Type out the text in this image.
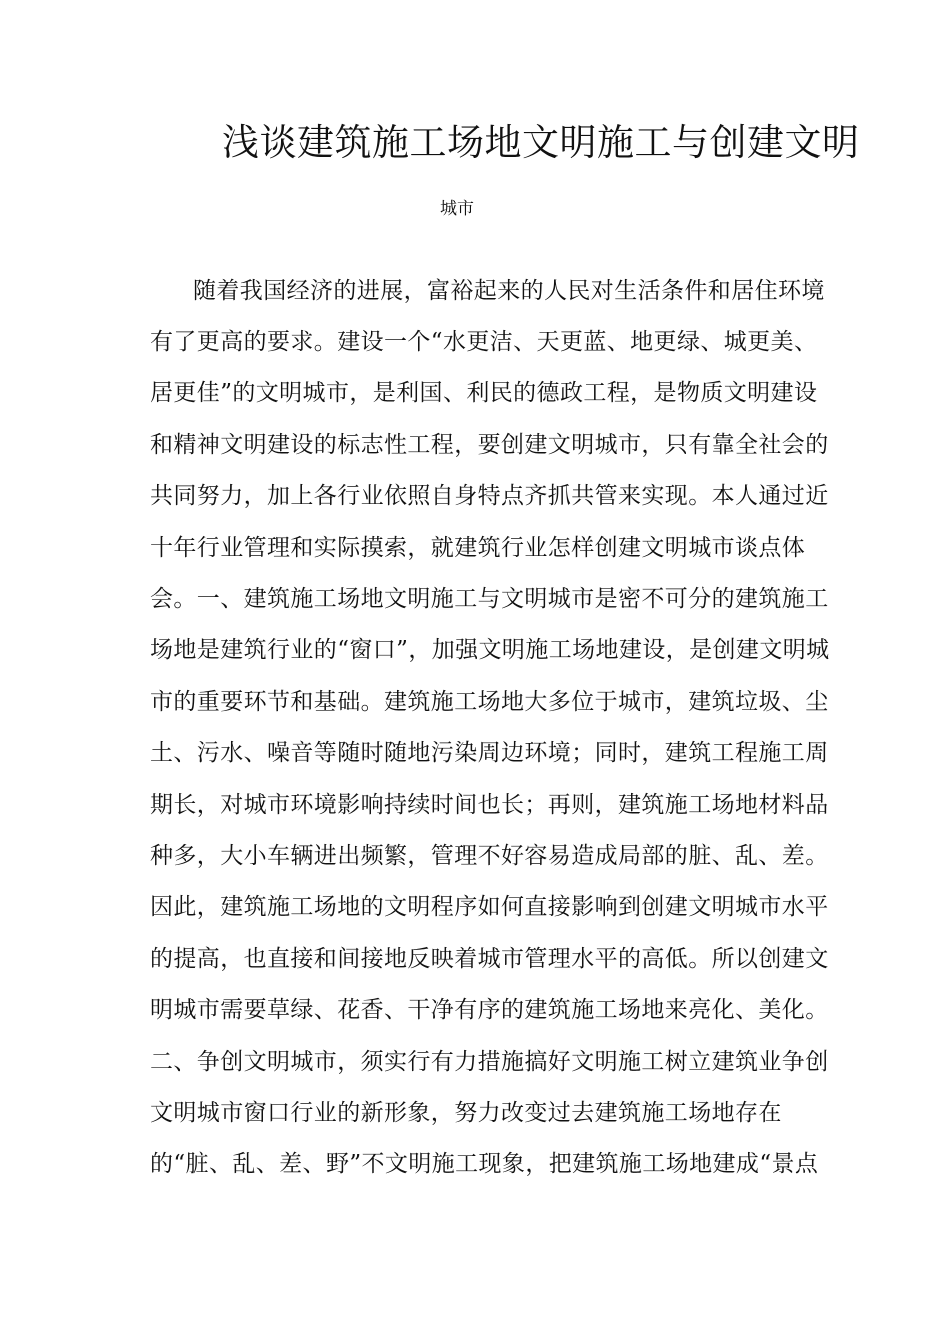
浅谈建筑施工场地文明施工与创建文明
城市

随着我国经济的进展，富裕起来的人民对生活条件和居住环境

有了更高的要求。建设一个“水更洁、天更蓝、地更绿、城更美、

居更佳”的文明城市，是利国、利民的德政工程，是物质文明建设

和精神文明建设的标志性工程，要创建文明城市，只有靠全社会的

共同努力，加上各行业依照自身特点齐抓共管来实现。本人通过近

十年行业管理和实际摸索，就建筑行业怎样创建文明城市谈点体

会。一、建筑施工场地文明施工与文明城市是密不可分的建筑施工

场地是建筑行业的“窗口”，加强文明施工场地建设，是创建文明城

市的重要环节和基础。建筑施工场地大多位于城市，建筑垃圾、尘

土、污水、噪音等随时随地污染周边环境；同时，建筑工程施工周

期长，对城市环境影响持续时间也长；再则，建筑施工场地材料品

种多，大小车辆进出频繁，管理不好容易造成局部的脏、乱、差。

因此，建筑施工场地的文明程序如何直接影响到创建文明城市水平

的提高，也直接和间接地反映着城市管理水平的高低。所以创建文

明城市需要草绿、花香、干净有序的建筑施工场地来亮化、美化。

二、争创文明城市，须实行有力措施搞好文明施工树立建筑业争创

文明城市窗口行业的新形象，努力改变过去建筑施工场地存在

的“脏、乱、差、野”不文明施工现象，把建筑施工场地建成“景点
